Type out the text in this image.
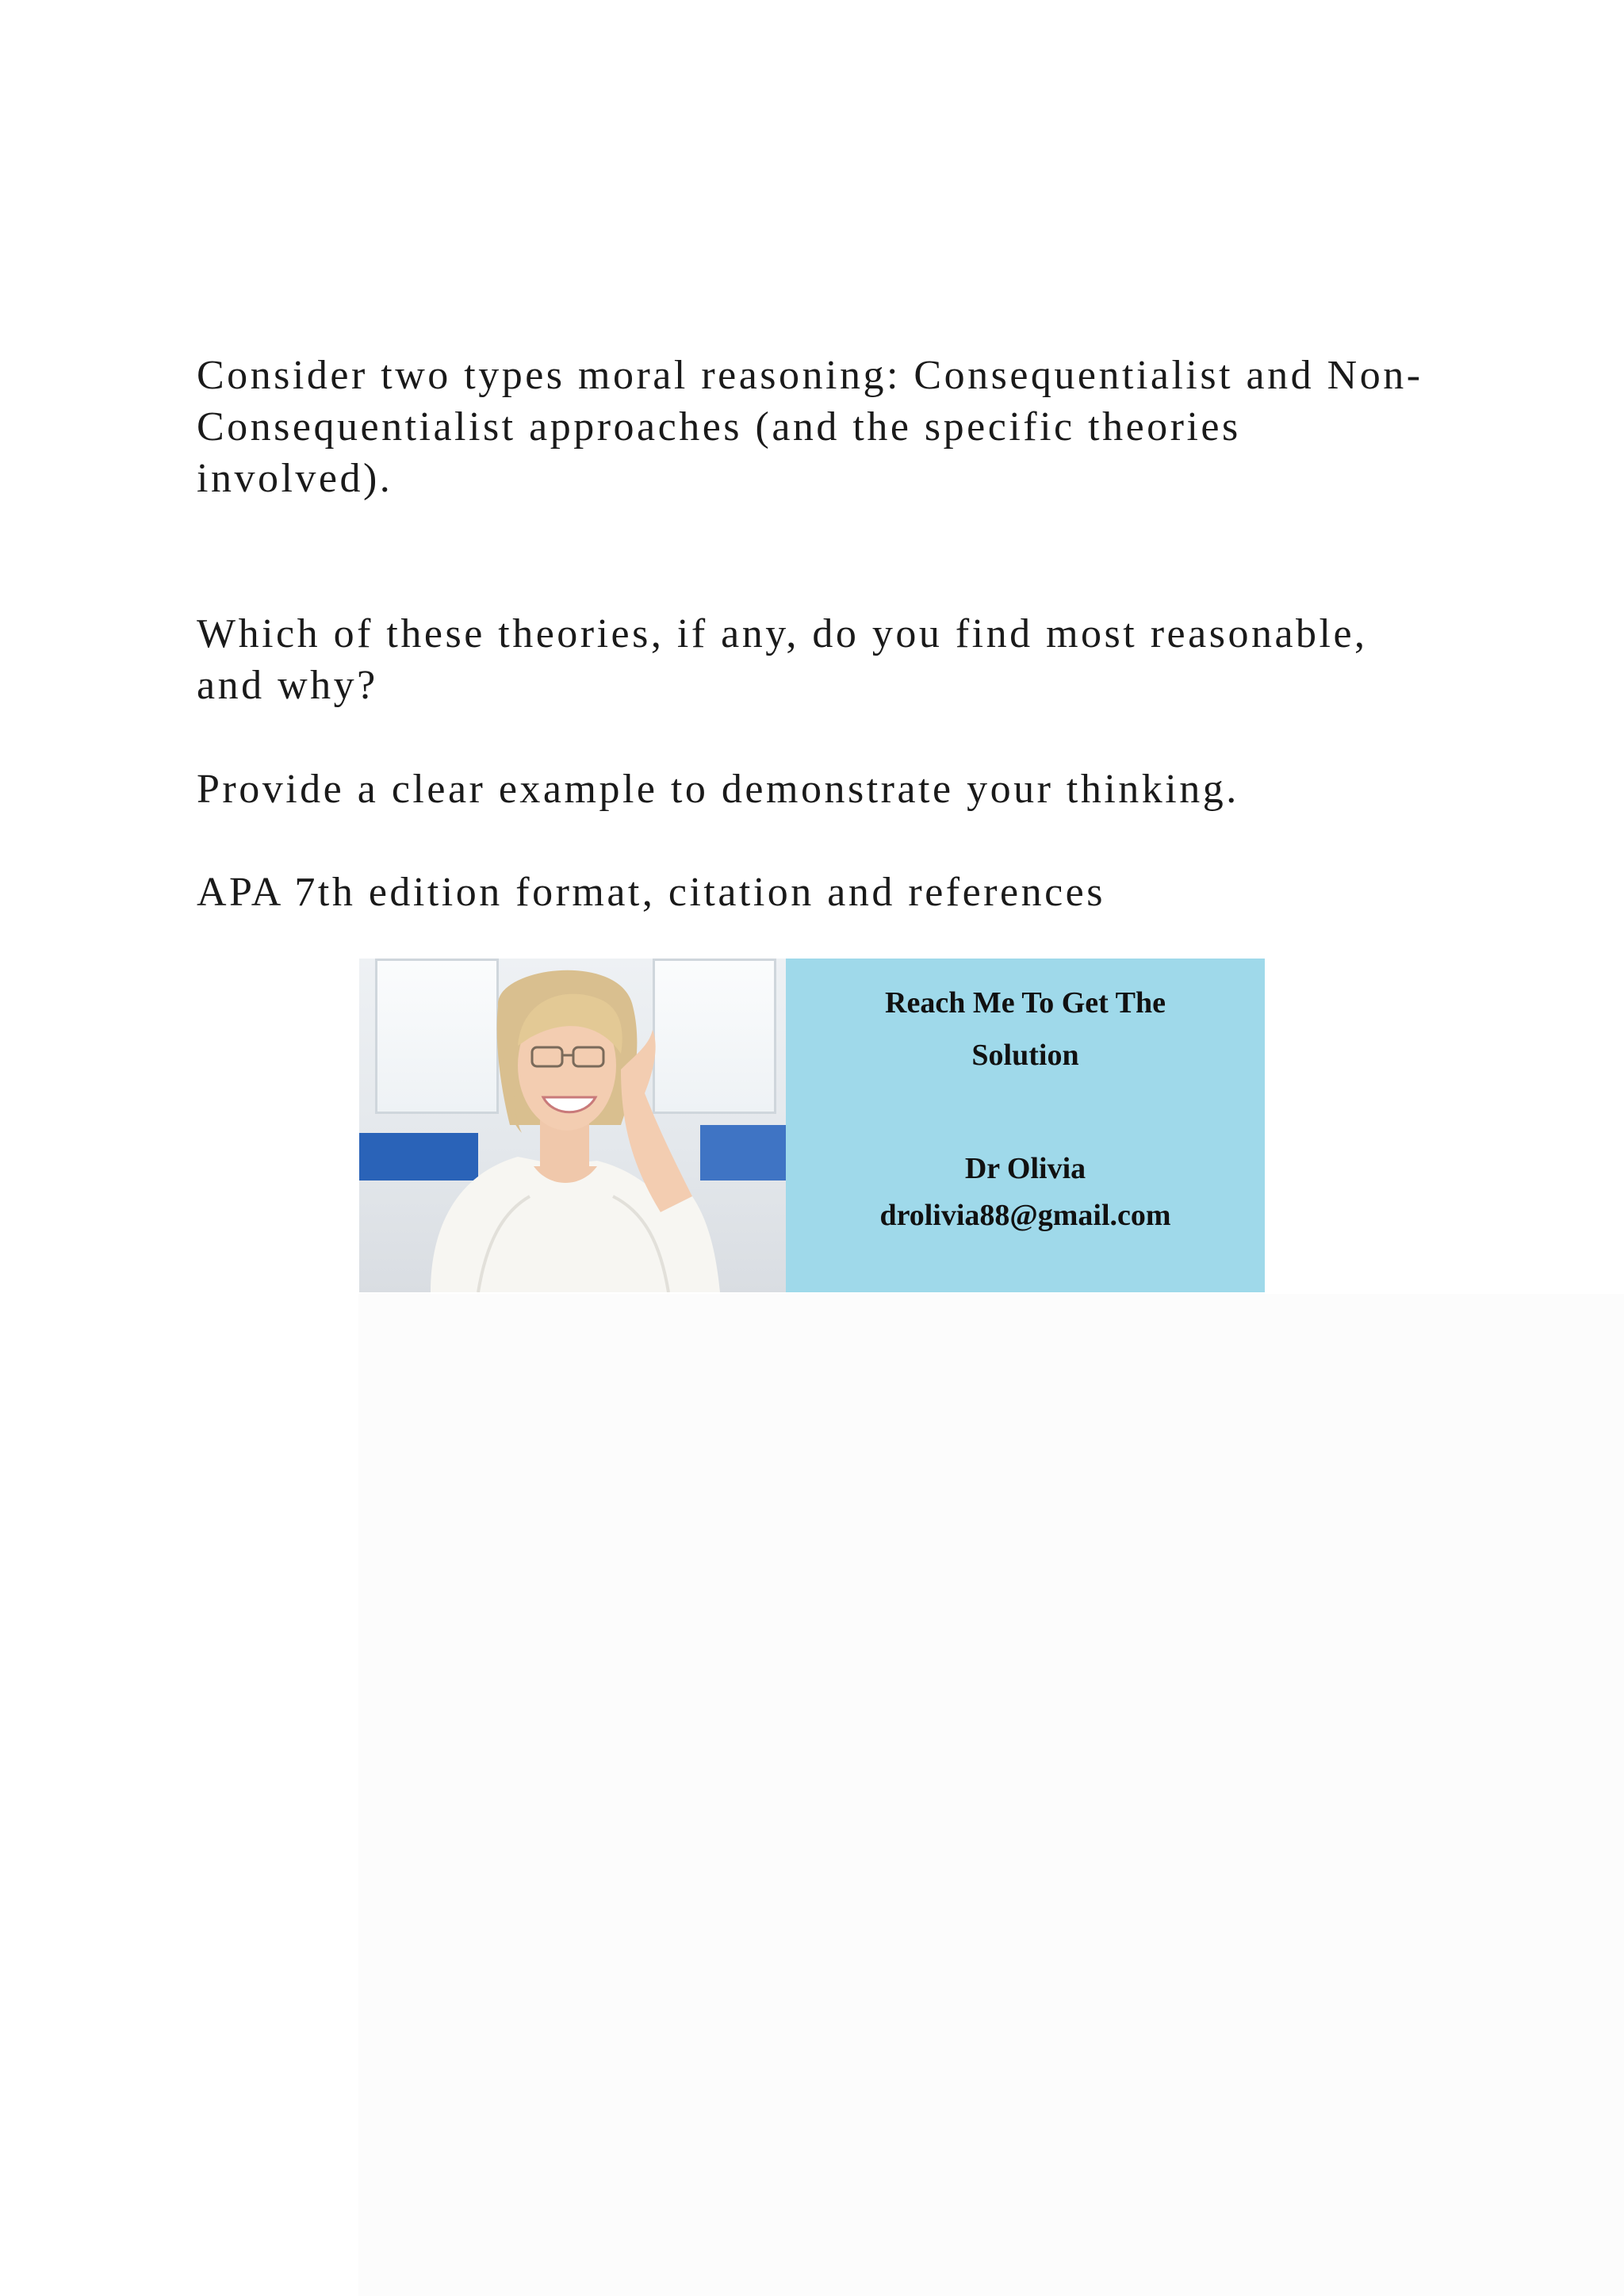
Consider two types moral reasoning: Consequentialist and Non-
Consequentialist approaches (and the specific theories
involved).

Which of these theories, if any, do you find most reasonable,
and why?

Provide a clear example to demonstrate your thinking.

APA 7th edition format, citation and references

Reach Me To Get The
Solution
Dr Olivia
drolivia88@gmail.com
